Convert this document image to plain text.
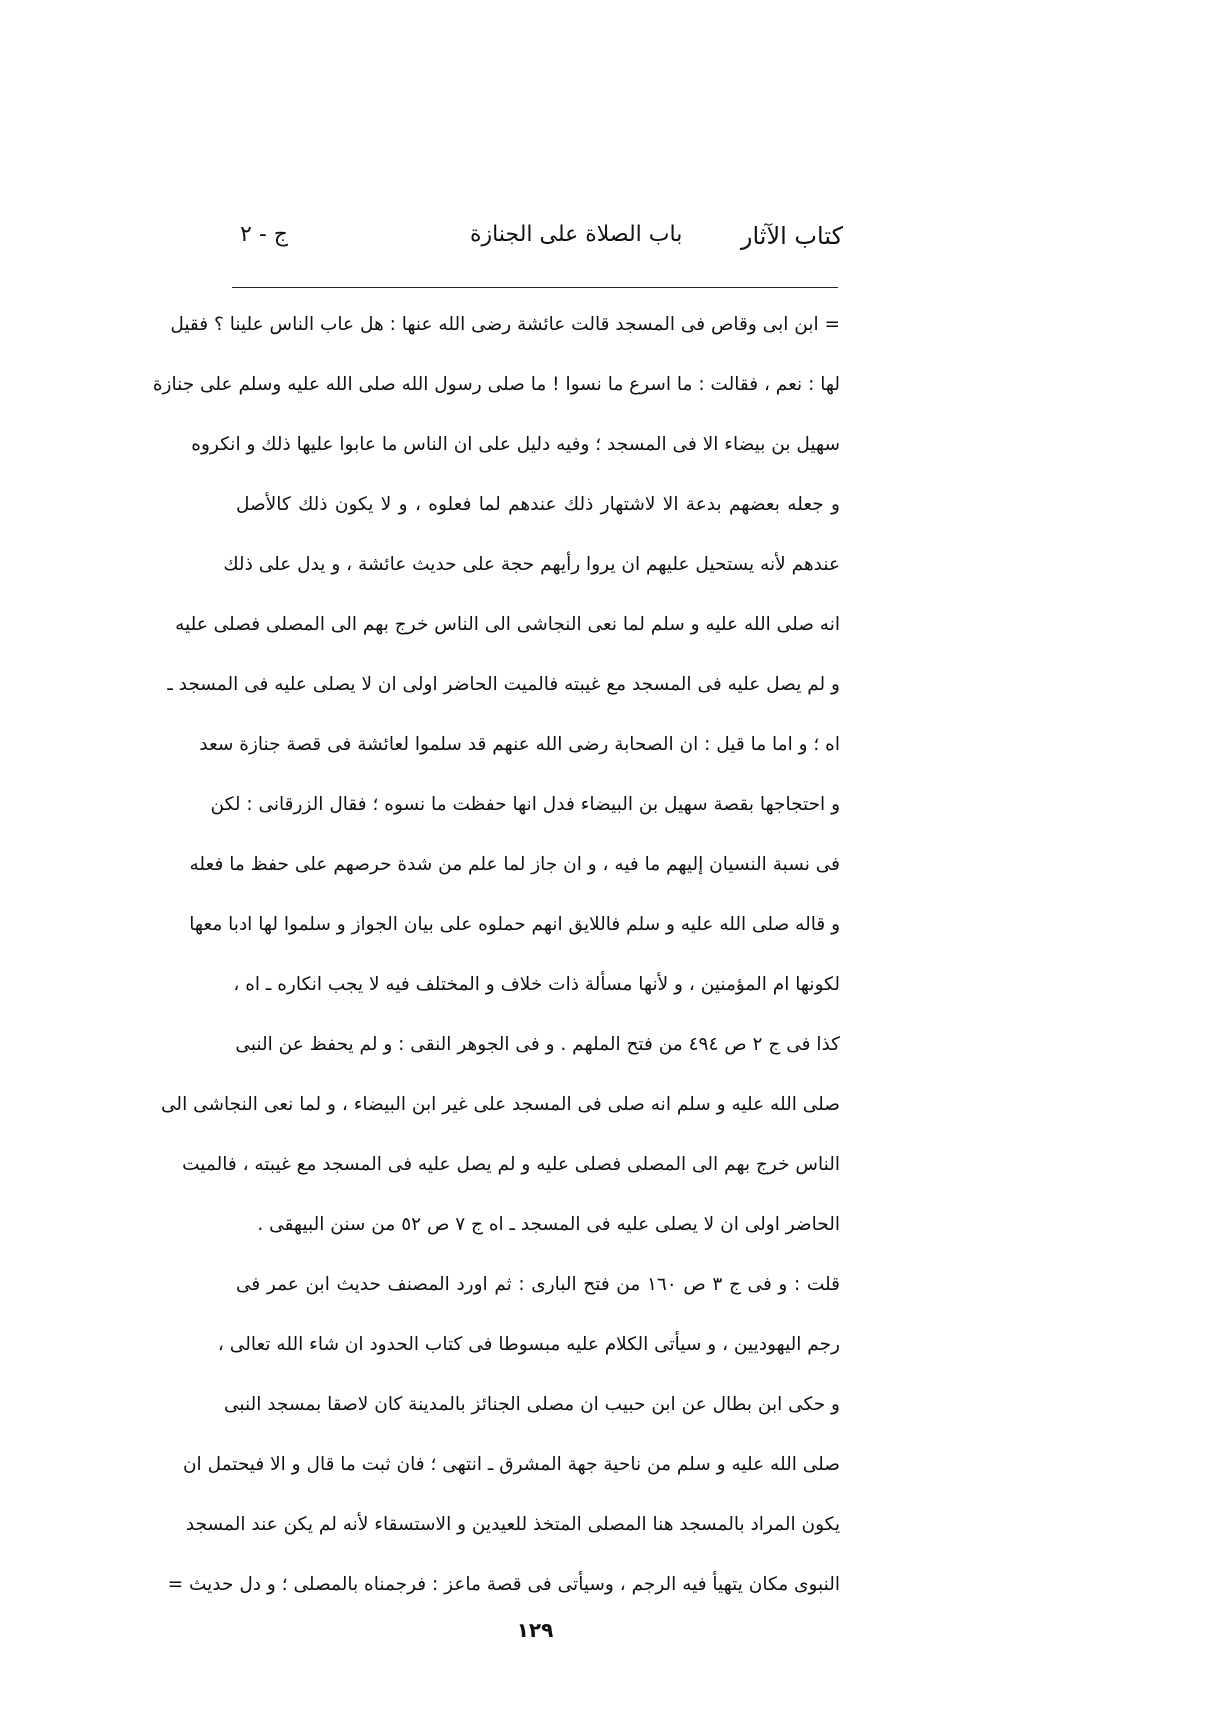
كتاب الآثار
باب الصلاة على الجنازة
ج - ٢
= ابن ابى وقاص فى المسجد قالت عائشة رضى الله عنها : هل عاب الناس علينا ؟ فقيل
لها : نعم ، فقالت : ما اسرع ما نسوا ! ما صلى رسول الله صلى الله عليه وسلم على جنازة
سهيل بن بيضاء الا فى المسجد ؛ وفيه دليل على ان الناس ما عابوا عليها ذلك و انكروه
و جعله بعضهم بدعة الا لاشتهار ذلك عندهم لما فعلوه ، و لا يكون ذلك كالأصل
عندهم لأنه يستحيل عليهم ان يروا رأيهم حجة على حديث عائشة ، و يدل على ذلك
انه صلى الله عليه و سلم لما نعى النجاشى الى الناس خرج بهم الى المصلى فصلى عليه
و لم يصل عليه فى المسجد مع غيبته فالميت الحاضر اولى ان لا يصلى عليه فى المسجد ـ
اه ؛ و اما ما قيل : ان الصحابة رضى الله عنهم قد سلموا لعائشة فى قصة جنازة سعد
و احتجاجها بقصة سهيل بن البيضاء فدل انها حفظت ما نسوه ؛ فقال الزرقانى : لكن
فى نسبة النسيان إليهم ما فيه ، و ان جاز لما علم من شدة حرصهم على حفظ ما فعله
و قاله صلى الله عليه و سلم فاللايق انهم حملوه على بيان الجواز و سلموا لها ادبا معها
لكونها ام المؤمنين ، و لأنها مسألة ذات خلاف و المختلف فيه لا يجب انكاره ـ اه ،
كذا فى ج ٢ ص ٤٩٤ من فتح الملهم . و فى الجوهر النقى : و لم يحفظ عن النبى
صلى الله عليه و سلم انه صلى فى المسجد على غير ابن البيضاء ، و لما نعى النجاشى الى
الناس خرج بهم الى المصلى فصلى عليه و لم يصل عليه فى المسجد مع غيبته ، فالميت
الحاضر اولى ان لا يصلى عليه فى المسجد ـ اه ج ٧ ص ٥٢ من سنن البيهقى .
قلت : و فى ج ٣ ص ١٦٠ من فتح البارى : ثم اورد المصنف حديث ابن عمر فى
رجم اليهوديين ، و سيأتى الكلام عليه مبسوطا فى كتاب الحدود ان شاء الله تعالى ،
و حكى ابن بطال عن ابن حبيب ان مصلى الجنائز بالمدينة كان لاصقا بمسجد النبى
صلى الله عليه و سلم من ناحية جهة المشرق ـ انتهى ؛ فان ثبت ما قال و الا فيحتمل ان
يكون المراد بالمسجد هنا المصلى المتخذ للعيدين و الاستسقاء لأنه لم يكن عند المسجد
النبوى مكان يتهيأ فيه الرجم ، وسيأتى فى قصة ماعز : فرجمناه بالمصلى ؛ و دل حديث =
١٢٩
